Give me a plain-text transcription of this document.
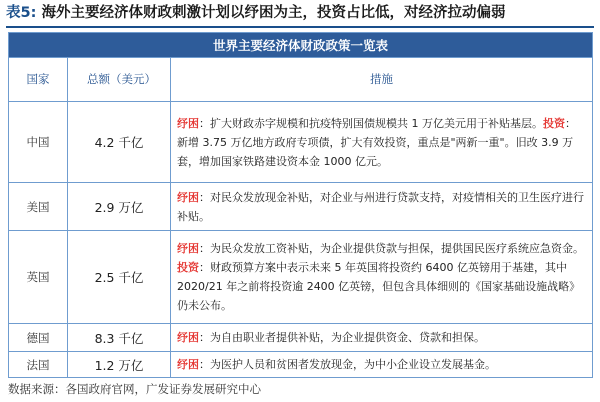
表5: 海外主要经济体财政刺激计划以纾困为主，投资占比低，对经济拉动偏弱
世界主要经济体财政政策一览表		
国家	总额（美元）	措施
中国	4.2 千亿	纾困：扩大财政赤字规模和抗疫特别国债规模共 1 万亿美元用于补贴基层。投资：新增 3.75 万亿地方政府专项债，扩大有效投资，重点是"两新一重"。旧改 3.9 万套，增加国家铁路建设资本金 1000 亿元。
美国	2.9 万亿	纾困：对民众发放现金补贴，对企业与州进行贷款支持，对疫情相关的卫生医疗进行补贴。
英国	2.5 千亿	纾困：为民众发放工资补贴，为企业提供贷款与担保，提供国民医疗系统应急资金。投资：财政预算方案中表示未来 5 年英国将投资约 6400 亿英镑用于基建，其中 2020/21 年之前将投资逾 2400 亿英镑，但包含具体细则的《国家基础设施战略》仍未公布。
德国	8.3 千亿	纾困：为自由职业者提供补贴，为企业提供资金、贷款和担保。
法国	1.2 万亿	纾困：为医护人员和贫困者发放现金，为中小企业设立发展基金。
数据来源：各国政府官网，广发证券发展研究中心
